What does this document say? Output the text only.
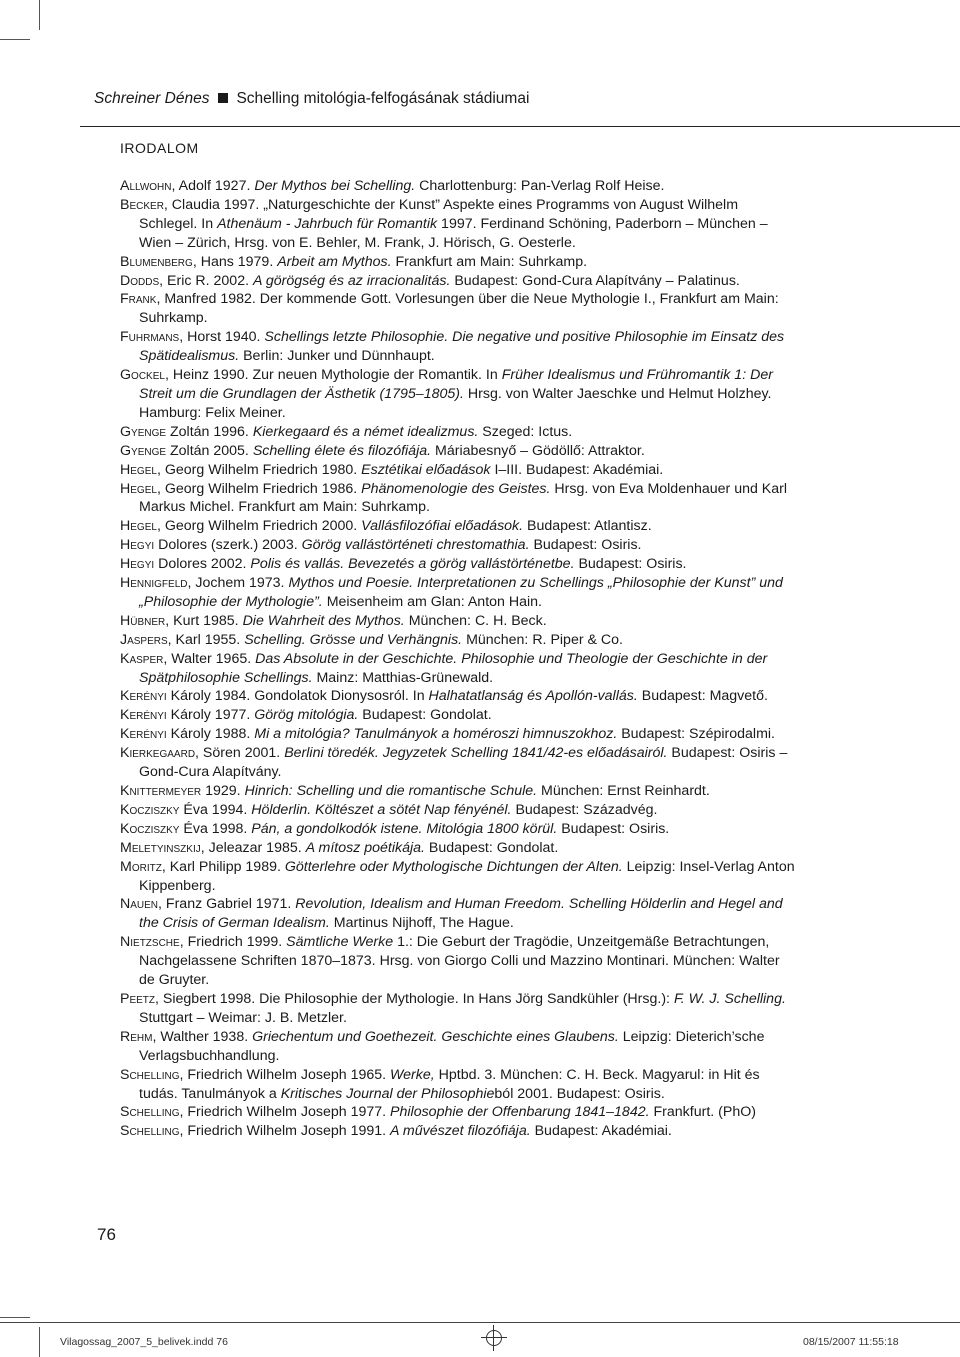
Schreiner Dénes Schelling mitológia-felfogásának stádiumai
IRODALOM

Allwohn, Adolf 1927. Der Mythos bei Schelling. Charlottenburg: Pan-Verlag Rolf Heise.

Becker, Claudia 1997. „Naturgeschichte der Kunst” Aspekte eines Programms von August Wilhelm Schlegel. In Athenäum - Jahrbuch für Romantik 1997. Ferdinand Schöning, Paderborn – München – Wien – Zürich, Hrsg. von E. Behler, M. Frank, J. Hörisch, G. Oesterle.

Blumenberg, Hans 1979. Arbeit am Mythos. Frankfurt am Main: Suhrkamp.

Dodds, Eric R. 2002. A görögség és az irracionalitás. Budapest: Gond-Cura Alapítvány – Palatinus.

Frank, Manfred 1982. Der kommende Gott. Vorlesungen über die Neue Mythologie I., Frankfurt am Main: Suhrkamp.

Fuhrmans, Horst 1940. Schellings letzte Philosophie. Die negative und positive Philosophie im Einsatz des Spätidealismus. Berlin: Junker und Dünnhaupt.

Gockel, Heinz 1990. Zur neuen Mythologie der Romantik. In Früher Idealismus und Frühromantik 1: Der Streit um die Grundlagen der Ästhetik (1795–1805). Hrsg. von Walter Jaeschke und Helmut Holzhey. Hamburg: Felix Meiner.

Gyenge Zoltán 1996. Kierkegaard és a német idealizmus. Szeged: Ictus.

Gyenge Zoltán 2005. Schelling élete és filozófiája. Máriabesnyő – Gödöllő: Attraktor.

Hegel, Georg Wilhelm Friedrich 1980. Esztétikai előadások I–III. Budapest: Akadémiai.

Hegel, Georg Wilhelm Friedrich 1986. Phänomenologie des Geistes. Hrsg. von Eva Moldenhauer und Karl Markus Michel. Frankfurt am Main: Suhrkamp.

Hegel, Georg Wilhelm Friedrich 2000. Vallásfilozófiai előadások. Budapest: Atlantisz.

Hegyi Dolores (szerk.) 2003. Görög vallástörténeti chrestomathia. Budapest: Osiris.

Hegyi Dolores 2002. Polis és vallás. Bevezetés a görög vallástörténetbe. Budapest: Osiris.

Hennigfeld, Jochem 1973. Mythos und Poesie. Interpretationen zu Schellings „Philosophie der Kunst” und „Philosophie der Mythologie”. Meisenheim am Glan: Anton Hain.

Hübner, Kurt 1985. Die Wahrheit des Mythos. München: C. H. Beck.

Jaspers, Karl 1955. Schelling. Grösse und Verhängnis. München: R. Piper & Co.

Kasper, Walter 1965. Das Absolute in der Geschichte. Philosophie und Theologie der Geschichte in der Spätphilosophie Schellings. Mainz: Matthias-Grünewald.

Kerényi Károly 1984. Gondolatok Dionysosról. In Halhatatlanság és Apollón-vallás. Budapest: Magvető.

Kerényi Károly 1977. Görög mitológia. Budapest: Gondolat.

Kerényi Károly 1988. Mi a mitológia? Tanulmányok a homéroszi himnuszokhoz. Budapest: Szépirodalmi.

Kierkegaard, Sören 2001. Berlini töredék. Jegyzetek Schelling 1841/42-es előadásairól. Budapest: Osiris – Gond-Cura Alapítvány.

Knittermeyer 1929. Hinrich: Schelling und die romantische Schule. München: Ernst Reinhardt.

Kocziszky Éva 1994. Hölderlin. Költészet a sötét Nap fényénél. Budapest: Századvég.

Kocziszky Éva 1998. Pán, a gondolkodók istene. Mitológia 1800 körül. Budapest: Osiris.

Meletyinszkij, Jeleazar 1985. A mítosz poétikája. Budapest: Gondolat.

Moritz, Karl Philipp 1989. Götterlehre oder Mythologische Dichtungen der Alten. Leipzig: Insel-Verlag Anton Kippenberg.

Nauen, Franz Gabriel 1971. Revolution, Idealism and Human Freedom. Schelling Hölderlin and Hegel and the Crisis of German Idealism. Martinus Nijhoff, The Hague.

Nietzsche, Friedrich 1999. Sämtliche Werke 1.: Die Geburt der Tragödie, Unzeitgemäße Betrachtungen, Nachgelassene Schriften 1870–1873. Hrsg. von Giorgo Colli und Mazzino Montinari. München: Walter de Gruyter.

Peetz, Siegbert 1998. Die Philosophie der Mythologie. In Hans Jörg Sandkühler (Hrsg.): F. W. J. Schelling. Stuttgart – Weimar: J. B. Metzler.

Rehm, Walther 1938. Griechentum und Goethezeit. Geschichte eines Glaubens. Leipzig: Dieterich’sche Verlagsbuchhandlung.

Schelling, Friedrich Wilhelm Joseph 1965. Werke, Hptbd. 3. München: C. H. Beck. Magyarul: in Hit és tudás. Tanulmányok a Kritisches Journal der Philosophieból 2001. Budapest: Osiris.

Schelling, Friedrich Wilhelm Joseph 1977. Philosophie der Offenbarung 1841–1842. Frankfurt. (PhO)

Schelling, Friedrich Wilhelm Joseph 1991. A művészet filozófiája. Budapest: Akadémiai.

76
Vilagossag_2007_5_belivek.indd 76	08/15/2007 11:55:18
